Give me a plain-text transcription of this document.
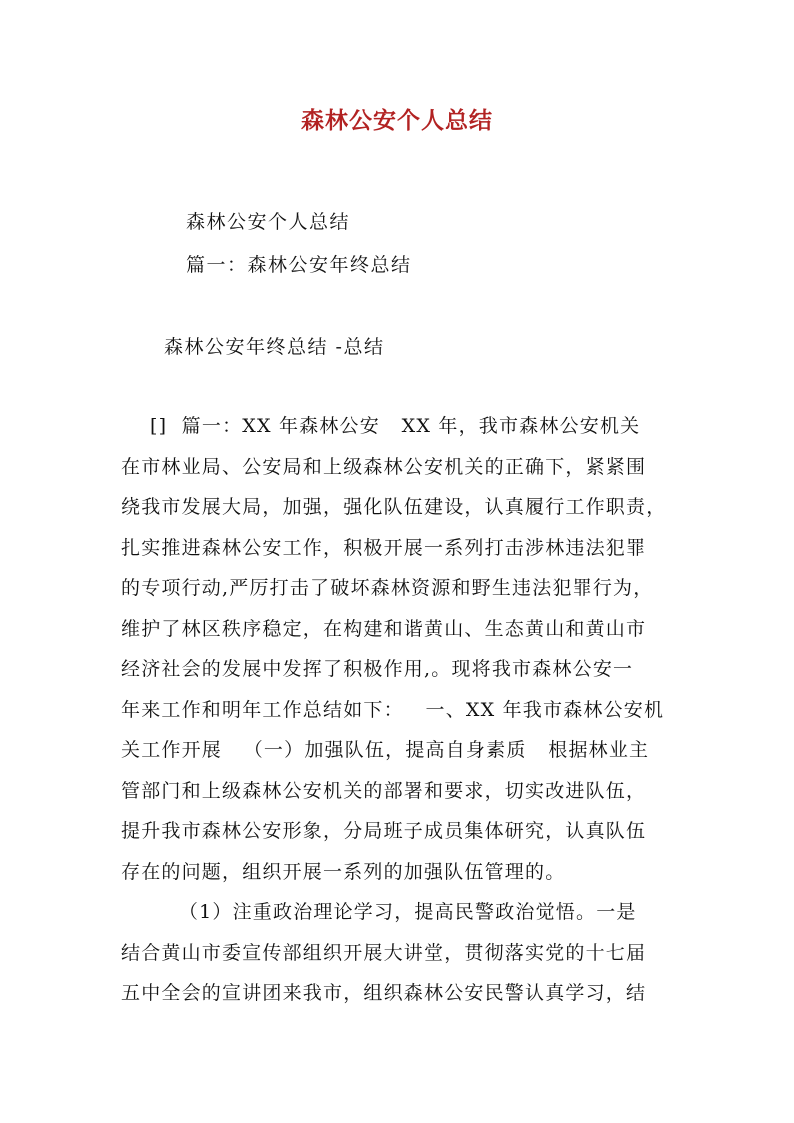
森林公安个人总结

森林公安个人总结

篇一：森林公安年终总结

森林公安年终总结 -总结

[]  篇一：XX 年森林公安   XX 年，我市森林公安机关
在市林业局、公安局和上级森林公安机关的正确下，紧紧围
绕我市发展大局，加强，强化队伍建设，认真履行工作职责，
扎实推进森林公安工作，积极开展一系列打击涉林违法犯罪
的专项行动,严厉打击了破坏森林资源和野生违法犯罪行为，
维护了林区秩序稳定，在构建和谐黄山、生态黄山和黄山市
经济社会的发展中发挥了积极作用,。现将我市森林公安一
年来工作和明年工作总结如下：   一、XX 年我市森林公安机
关工作开展   （一）加强队伍，提高自身素质   根据林业主
管部门和上级森林公安机关的部署和要求，切实改进队伍，
提升我市森林公安形象，分局班子成员集体研究，认真队伍
存在的问题，组织开展一系列的加强队伍管理的。
（1）注重政治理论学习，提高民警政治觉悟。一是
结合黄山市委宣传部组织开展大讲堂，贯彻落实党的十七届
五中全会的宣讲团来我市，组织森林公安民警认真学习，结
